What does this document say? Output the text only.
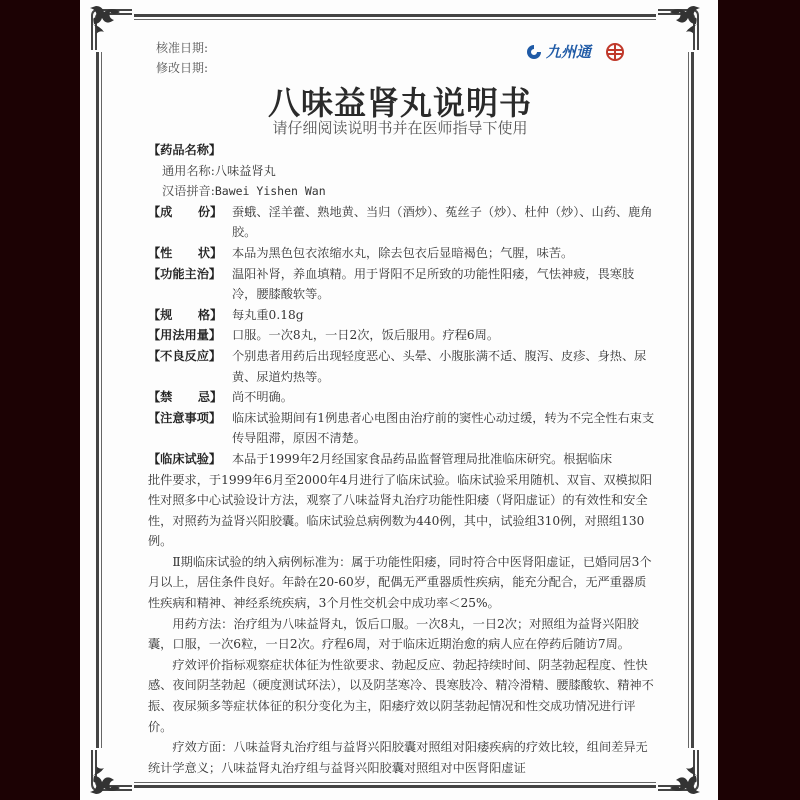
核准日期:
修改日期:
九州通
八味益肾丸说明书
请仔细阅读说明书并在医师指导下使用
【药品名称】
通用名称: 八味益肾丸
汉语拼音: Bawei Yishen Wan
【成      份】 蚕蛾、淫羊藿、熟地黄、当归（酒炒）、菟丝子（炒）、杜仲（炒）、山药、鹿角胶。
【性      状】 本品为黑色包衣浓缩水丸，除去包衣后显暗褐色；气腥，味苦。
【功能主治】 温阳补肾，养血填精。用于肾阳不足所致的功能性阳痿，气怯神疲，畏寒肢冷，腰膝酸软等。
【规      格】 每丸重0.18g
【用法用量】 口服。一次8丸，一日2次，饭后服用。疗程6周。
【不良反应】 个别患者用药后出现轻度恶心、头晕、小腹胀满不适、腹泻、皮疹、身热、尿黄、尿道灼热等。
【禁      忌】 尚不明确。
【注意事项】 临床试验期间有1例患者心电图由治疗前的窦性心动过缓，转为不完全性右束支传导阻滞，原因不清楚。
【临床试验】 本品于1999年2月经国家食品药品监督管理局批准临床研究。根据临床
批件要求，于1999年6月至2000年4月进行了临床试验。临床试验采用随机、双盲、双模拟阳性对照多中心试验设计方法，观察了八味益肾丸治疗功能性阳痿（肾阳虚证）的有效性和安全性，对照药为益肾兴阳胶囊。临床试验总病例数为440例，其中，试验组310例，对照组130例。
Ⅱ期临床试验的纳入病例标准为：属于功能性阳痿，同时符合中医肾阳虚证，已婚同居3个月以上，居住条件良好。年龄在20-60岁，配偶无严重器质性疾病，能充分配合，无严重器质性疾病和精神、神经系统疾病，3个月性交机会中成功率＜25%。
用药方法：治疗组为八味益肾丸，饭后口服。一次8丸，一日2次；对照组为益肾兴阳胶囊，口服，一次6粒，一日2次。疗程6周，对于临床近期治愈的病人应在停药后随访7周。
疗效评价指标观察症状体征为性欲要求、勃起反应、勃起持续时间、阴茎勃起程度、性快感、夜间阴茎勃起（硬度测试环法），以及阴茎寒冷、畏寒肢冷、精冷滑精、腰膝酸软、精神不振、夜尿频多等症状体征的积分变化为主，阳痿疗效以阴茎勃起情况和性交成功情况进行评价。
疗效方面：八味益肾丸治疗组与益肾兴阳胶囊对照组对阳痿疾病的疗效比较，组间差异无统计学意义；八味益肾丸治疗组与益肾兴阳胶囊对照组对中医肾阳虚证
